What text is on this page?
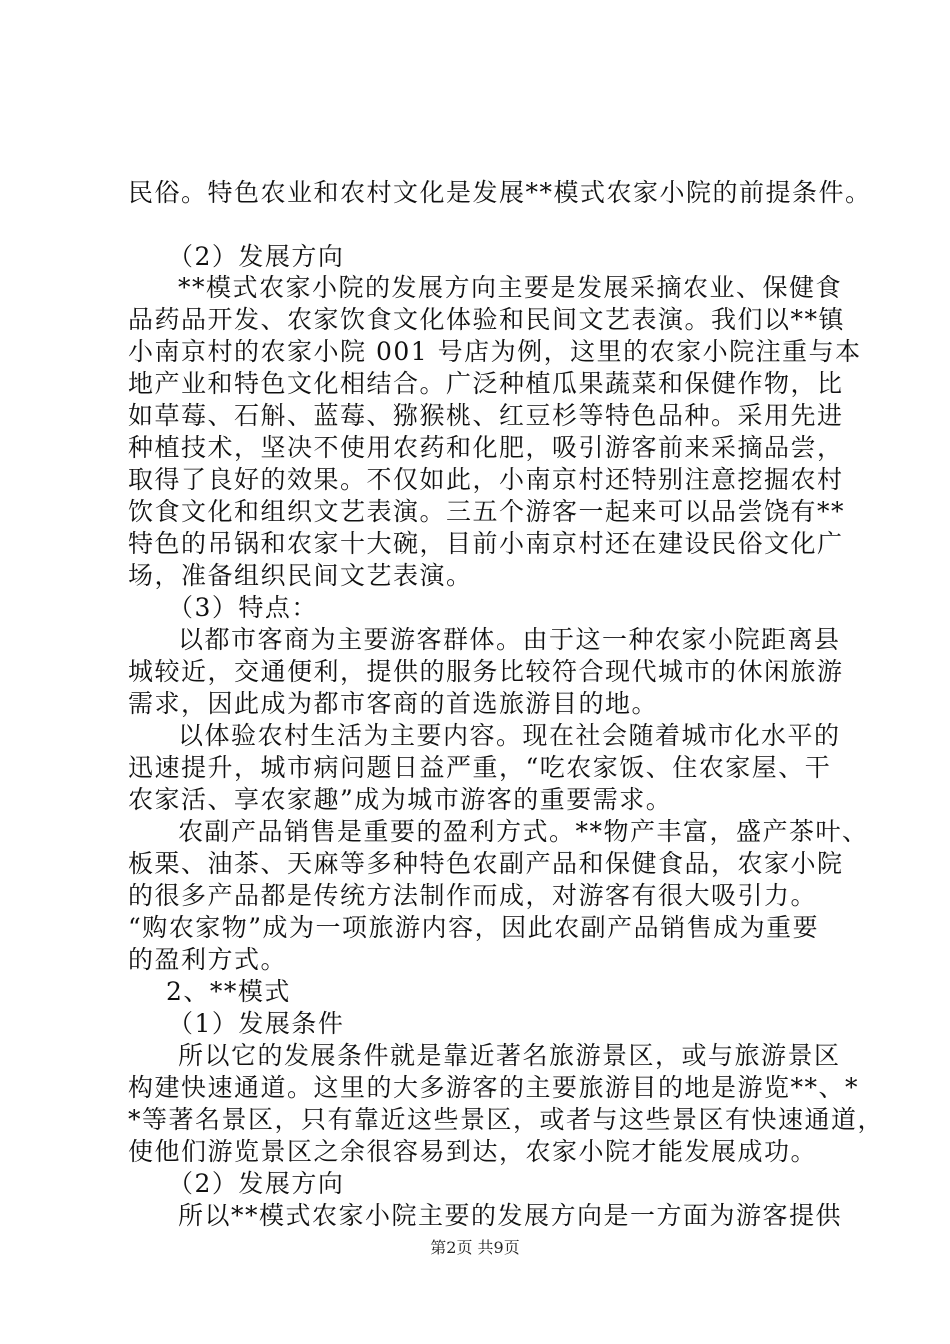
民俗。特色农业和农村文化是发展**模式农家小院的前提条件。
（2）发展方向
**模式农家小院的发展方向主要是发展采摘农业、保健食
品药品开发、农家饮食文化体验和民间文艺表演。我们以**镇
小南京村的农家小院 001 号店为例，这里的农家小院注重与本
地产业和特色文化相结合。广泛种植瓜果蔬菜和保健作物，比
如草莓、石斛、蓝莓、猕猴桃、红豆杉等特色品种。采用先进
种植技术，坚决不使用农药和化肥，吸引游客前来采摘品尝，
取得了良好的效果。不仅如此，小南京村还特别注意挖掘农村
饮食文化和组织文艺表演。三五个游客一起来可以品尝饶有**
特色的吊锅和农家十大碗，目前小南京村还在建设民俗文化广
场，准备组织民间文艺表演。
（3）特点：
以都市客商为主要游客群体。由于这一种农家小院距离县
城较近，交通便利，提供的服务比较符合现代城市的休闲旅游
需求，因此成为都市客商的首选旅游目的地。
以体验农村生活为主要内容。现在社会随着城市化水平的
迅速提升，城市病问题日益严重，“吃农家饭、住农家屋、干
农家活、享农家趣”成为城市游客的重要需求。
农副产品销售是重要的盈利方式。**物产丰富，盛产茶叶、
板栗、油茶、天麻等多种特色农副产品和保健食品，农家小院
的很多产品都是传统方法制作而成，对游客有很大吸引力。
“购农家物”成为一项旅游内容，因此农副产品销售成为重要
的盈利方式。
2、**模式
（1）发展条件
所以它的发展条件就是靠近著名旅游景区，或与旅游景区
构建快速通道。这里的大多游客的主要旅游目的地是游览**、*
*等著名景区，只有靠近这些景区，或者与这些景区有快速通道，
使他们游览景区之余很容易到达，农家小院才能发展成功。
（2）发展方向
所以**模式农家小院主要的发展方向是一方面为游客提供
第2页 共9页
